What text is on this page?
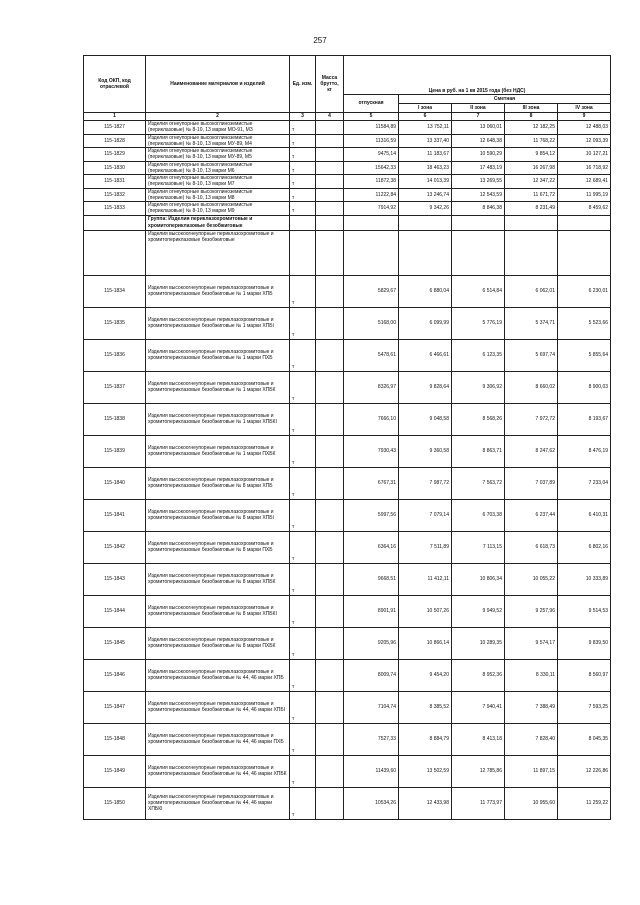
257
Код ОКП, код отраслевой	Наименование материалов и изделий	Ед. изм.	Масса брутто, кг	Цена в руб. на 1 кв 2015 года (без НДС)				
				отпускная	Сметная			
					I зона	II зона	III зона	IV зона
1	2	3	4	5	6	7	8	9
115-1827	Изделия огнеупорные высокоглиноземистые (периклазовые) № 8-10, 13 марки МО-91, МЗ	т		11584,89	13 752,11	13 060,01	12 182,25	12 488,03
115-1828	Изделия огнеупорные высокоглиноземистые (периклазовые) № 8-10, 13 марки МУ-89, М4	т		11316,59	13 337,40	12 648,38	11 768,22	12 093,39
115-1829	Изделия огнеупорные высокоглиноземистые (периклазовые) № 8-10, 13 марки МУ-89, М5	т		9475,14	11 183,67	10 590,29	9 854,12	10 127,21
115-1830	Изделия огнеупорные высокоглиноземистые (периклазовые) № 8-10, 13 марки М6	т		15642,33	18 463,23	17 483,19	16 267,98	16 718,92
115-1831	Изделия огнеупорные высокоглиноземистые (периклазовые) № 8-10, 13 марки М7	т		11872,38	14 013,39	13 269,55	12 347,22	12 689,41
115-1832	Изделия огнеупорные высокоглиноземистые (периклазовые) № 8-10, 13 марки М8	т		11222,84	13 246,74	12 543,59	11 671,72	11 995,19
115-1833	Изделия огнеупорные высокоглиноземистые (периклазовые) № 8-10, 13 марки М9	т		7914,92	9 342,26	8 846,38	8 231,49	8 459,62
	Группа: Изделия периклазохромитовые и хромитопериклазовые безобжиговые							
	Изделия высокоогнеупорные периклазохромитовые и хромитопериклазовые безобжиговые							
115-1834	Изделия высокоогнеупорные периклазохромитовые и хромитопериклазовые безобжиговые № 1 марки ХПБ	т		5829,67	6 880,04	6 514,84	6 062,01	6 230,01
115-1835	Изделия высокоогнеупорные периклазохромитовые и хромитопериклазовые безобжиговые № 1 марки ХПБІ	т		5168,00	6 099,99	5 776,19	5 374,71	5 523,66
115-1836	Изделия высокоогнеупорные периклазохромитовые и хромитопериклазовые безобжиговые № 1 марки ПХБ	т		5478,61	6 466,61	6 123,35	5 697,74	5 855,64
115-1837	Изделия высокоогнеупорные периклазохромитовые и хромитопериклазовые безобжиговые № 1 марки ХПБК	т		8326,97	9 828,64	9 306,92	8 660,02	8 900,03
115-1838	Изделия высокоогнеупорные периклазохромитовые и хромитопериклазовые безобжиговые № 1 марки ХПБКІ	т		7666,10	9 048,58	8 568,26	7 972,72	8 193,67
115-1839	Изделия высокоогнеупорные периклазохромитовые и хромитопериклазовые безобжиговые № 1 марки ПХБК	т		7930,43	9 360,58	8 863,71	8 247,62	8 476,19
115-1840	Изделия высокоогнеупорные периклазохромитовые и хромитопериклазовые безобжиговые № 8 марки ХПБ	т		6767,31	7 987,72	7 563,72	7 037,89	7 233,04
115-1841	Изделия высокоогнеупорные периклазохромитовые и хромитопериклазовые безобжиговые № 8 марки ХПБІ	т		5997,56	7 079,14	6 703,38	6 237,44	6 410,31
115-1842	Изделия высокоогнеупорные периклазохромитовые и хромитопериклазовые безобжиговые № 8 марки ПХБ	т		6364,16	7 511,89	7 113,15	6 618,73	6 802,16
115-1843	Изделия высокоогнеупорные периклазохромитовые и хромитопериклазовые безобжиговые № 8 марки ХПБК	т		9668,51	11 412,11	10 806,34	10 055,22	10 333,89
115-1844	Изделия высокоогнеупорные периклазохромитовые и хромитопериклазовые безобжиговые № 8 марки ХПБКІ	т		8901,91	10 507,26	9 949,52	9 257,96	9 514,53
115-1845	Изделия высокоогнеупорные периклазохромитовые и хромитопериклазовые безобжиговые № 8 марки ПХБК	т		9205,96	10 866,14	10 289,35	9 574,17	9 839,50
115-1846	Изделия высокоогнеупорные периклазохромитовые и хромитопериклазовые безобжиговые № 44, 46 марки ХПБ	т		8009,74	9 454,20	8 952,36	8 330,11	8 560,97
115-1847	Изделия высокоогнеупорные периклазохромитовые и хромитопериклазовые безобжиговые № 44, 46 марки ХПБІ	т		7104,74	8 385,52	7 940,41	7 388,49	7 593,25
115-1848	Изделия высокоогнеупорные периклазохромитовые и хромитопериклазовые безобжиговые № 44, 46 марки ПХБ	т		7527,33	8 884,79	8 413,18	7 828,40	8 045,35
115-1849	Изделия высокоогнеупорные периклазохромитовые и хромитопериклазовые безобжиговые № 44, 46 марки ХПБК	т		11439,60	13 502,59	12 785,86	11 897,15	12 226,86
115-1850	Изделия высокоогнеупорные периклазохромитовые и хромитопериклазовые безобжиговые № 44, 46 марки ХПБКІ	т		10534,26	12 433,98	11 773,97	10 955,60	11 259,22
